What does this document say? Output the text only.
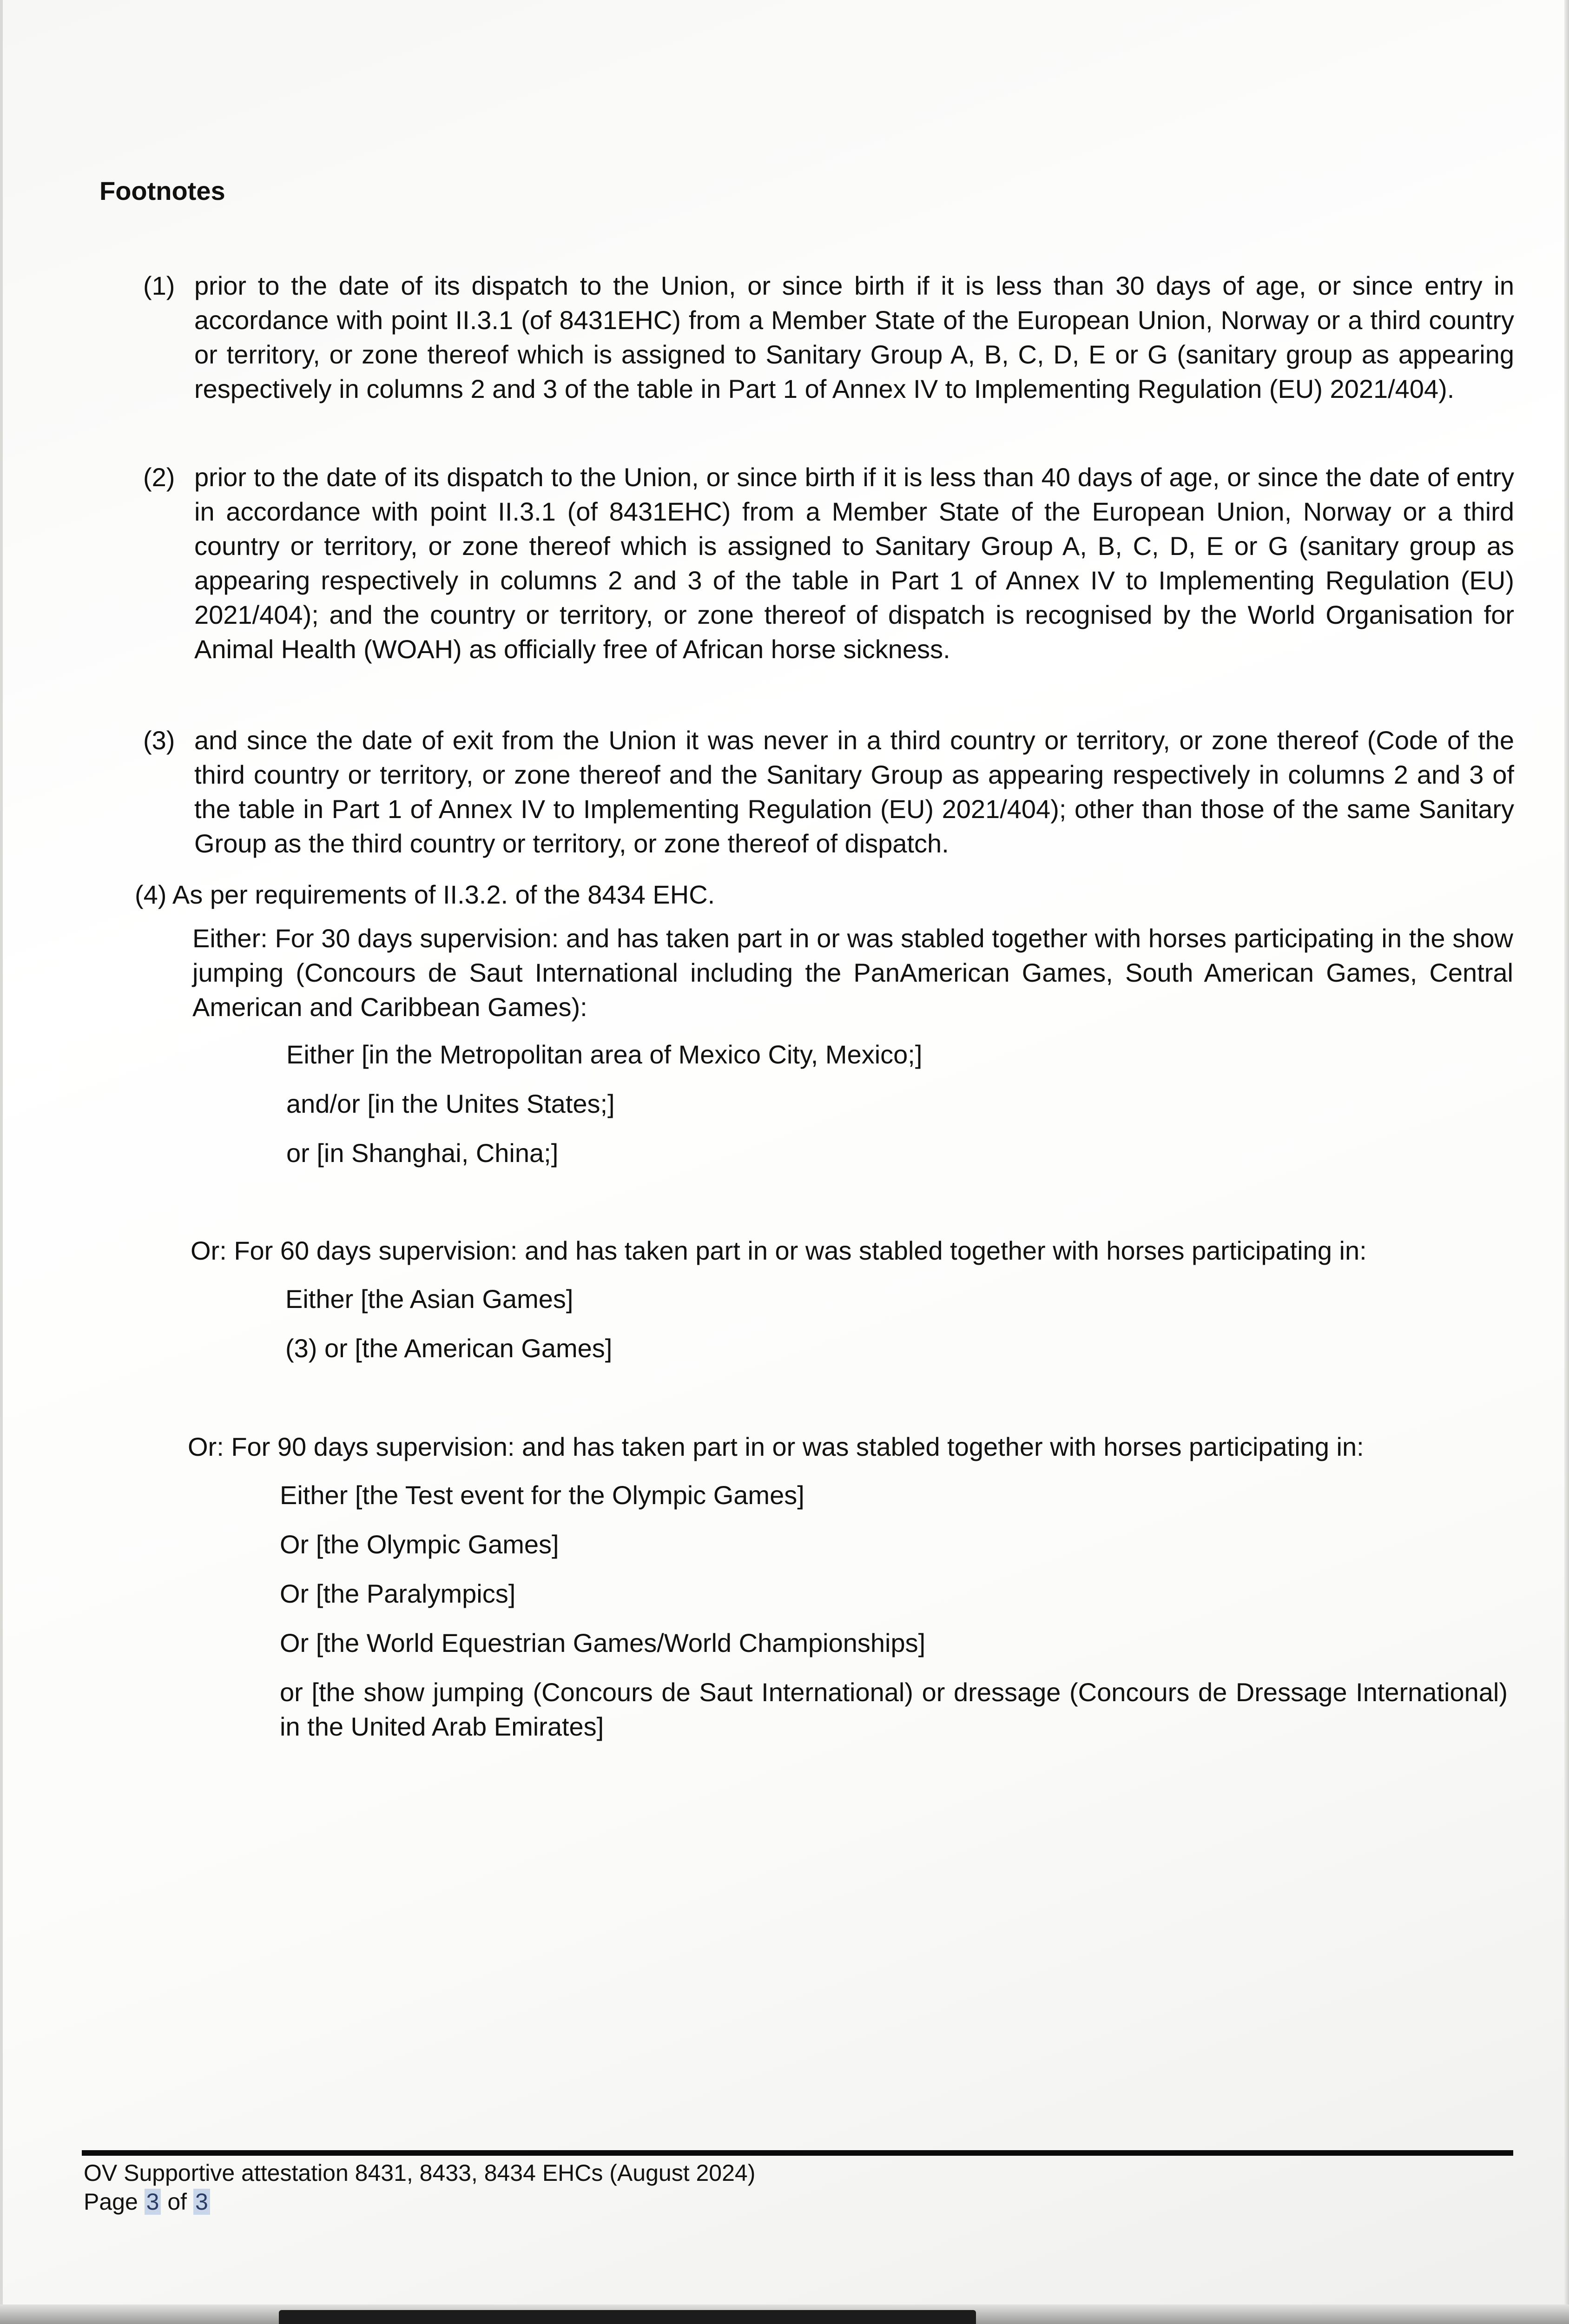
Footnotes
(1) prior to the date of its dispatch to the Union, or since birth if it is less than 30 days of age, or since entry in accordance with point II.3.1 (of 8431EHC) from a Member State of the European Union, Norway or a third country or territory, or zone thereof which is assigned to Sanitary Group A, B, C, D, E or G (sanitary group as appearing respectively in columns 2 and 3 of the table in Part 1 of Annex IV to Implementing Regulation (EU) 2021/404).
(2) prior to the date of its dispatch to the Union, or since birth if it is less than 40 days of age, or since the date of entry in accordance with point II.3.1 (of 8431EHC) from a Member State of the European Union, Norway or a third country or territory, or zone thereof which is assigned to Sanitary Group A, B, C, D, E or G (sanitary group as appearing respectively in columns 2 and 3 of the table in Part 1 of Annex IV to Implementing Regulation (EU) 2021/404); and the country or territory, or zone thereof of dispatch is recognised by the World Organisation for Animal Health (WOAH) as officially free of African horse sickness.
(3) and since the date of exit from the Union it was never in a third country or territory, or zone thereof (Code of the third country or territory, or zone thereof and the Sanitary Group as appearing respectively in columns 2 and 3 of the table in Part 1 of Annex IV to Implementing Regulation (EU) 2021/404); other than those of the same Sanitary Group as the third country or territory, or zone thereof of dispatch.

(4) As per requirements of II.3.2. of the 8434 EHC.

Either: For 30 days supervision: and has taken part in or was stabled together with horses participating in the show jumping (Concours de Saut International including the PanAmerican Games, South American Games, Central American and Caribbean Games):

Either [in the Metropolitan area of Mexico City, Mexico;]

and/or [in the Unites States;]

or [in Shanghai, China;]

Or: For 60 days supervision: and has taken part in or was stabled together with horses participating in:

Either [the Asian Games]

(3) or [the American Games]

Or: For 90 days supervision: and has taken part in or was stabled together with horses participating in:

Either [the Test event for the Olympic Games]

Or [the Olympic Games]

Or [the Paralympics]

Or [the World Equestrian Games/World Championships]

or [the show jumping (Concours de Saut International) or dressage (Concours de Dressage International) in the United Arab Emirates]

OV Supportive attestation 8431, 8433, 8434 EHCs (August 2024)

Page 3 of 3
